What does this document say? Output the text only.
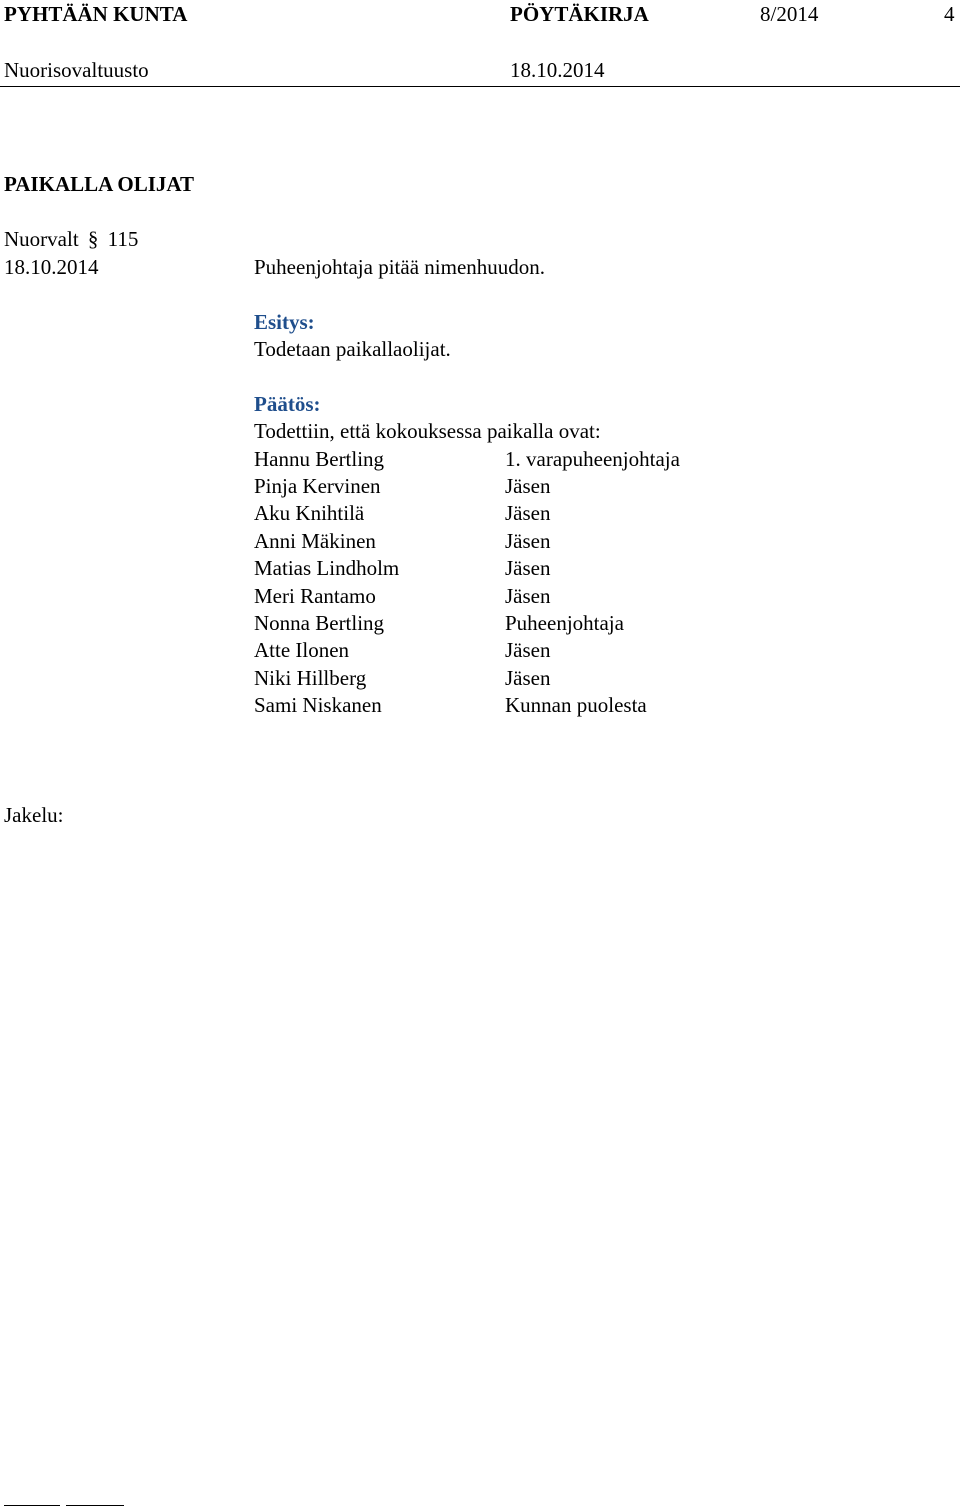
PYHTÄÄN KUNTA	PÖYTÄKIRJA	8/2014	4
Nuorisovaltuusto	18.10.2014
PAIKALLA OLIJAT
Nuorvalt § 115
18.10.2014	Puheenjohtaja pitää nimenhuudon.
Esitys:
Todetaan paikallaolijat.
Päätös:
Todettiin, että kokouksessa paikalla ovat:
Hannu Bertling	1. varapuheenjohtaja
Pinja Kervinen	Jäsen
Aku Knihtilä	Jäsen
Anni Mäkinen	Jäsen
Matias Lindholm	Jäsen
Meri Rantamo	Jäsen
Nonna Bertling	Puheenjohtaja
Atte Ilonen	Jäsen
Niki Hillberg	Jäsen
Sami Niskanen	Kunnan puolesta
Jakelu:
